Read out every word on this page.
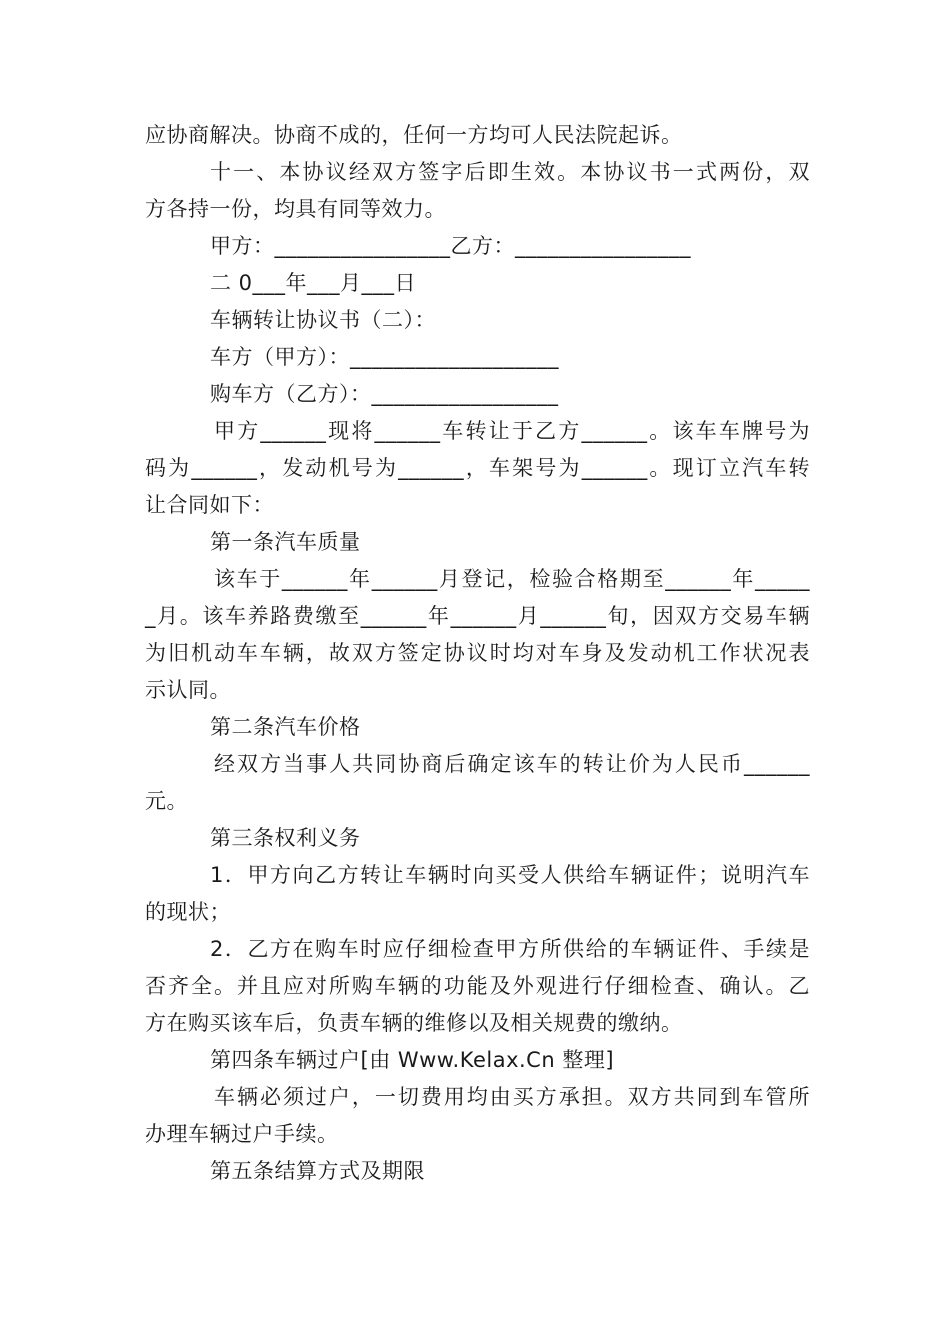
应协商解决。协商不成的，任何一方均可人民法院起诉。
十一、本协议经双方签字后即生效。本协议书一式两份，双
方各持一份，均具有同等效力。
甲方：________________乙方：________________
二 0___年___月___日
车辆转让协议书（二）：
车方（甲方）：___________________
购车方（乙方）：_________________
甲方______现将______车转让于乙方______。该车车牌号为
码为______，发动机号为______，车架号为______。现订立汽车转
让合同如下：
第一条汽车质量
该车于______年______月登记，检验合格期至______年_____
_月。该车养路费缴至______年______月______旬，因双方交易车辆
为旧机动车车辆，故双方签定协议时均对车身及发动机工作状况表
示认同。
第二条汽车价格
经双方当事人共同协商后确定该车的转让价为人民币______
元。
第三条权利义务
1．甲方向乙方转让车辆时向买受人供给车辆证件；说明汽车
的现状；
2．乙方在购车时应仔细检查甲方所供给的车辆证件、手续是
否齐全。并且应对所购车辆的功能及外观进行仔细检查、确认。乙
方在购买该车后，负责车辆的维修以及相关规费的缴纳。
第四条车辆过户[由 Www.Kelax.Cn 整理]
车辆必须过户，一切费用均由买方承担。双方共同到车管所
办理车辆过户手续。
第五条结算方式及期限
